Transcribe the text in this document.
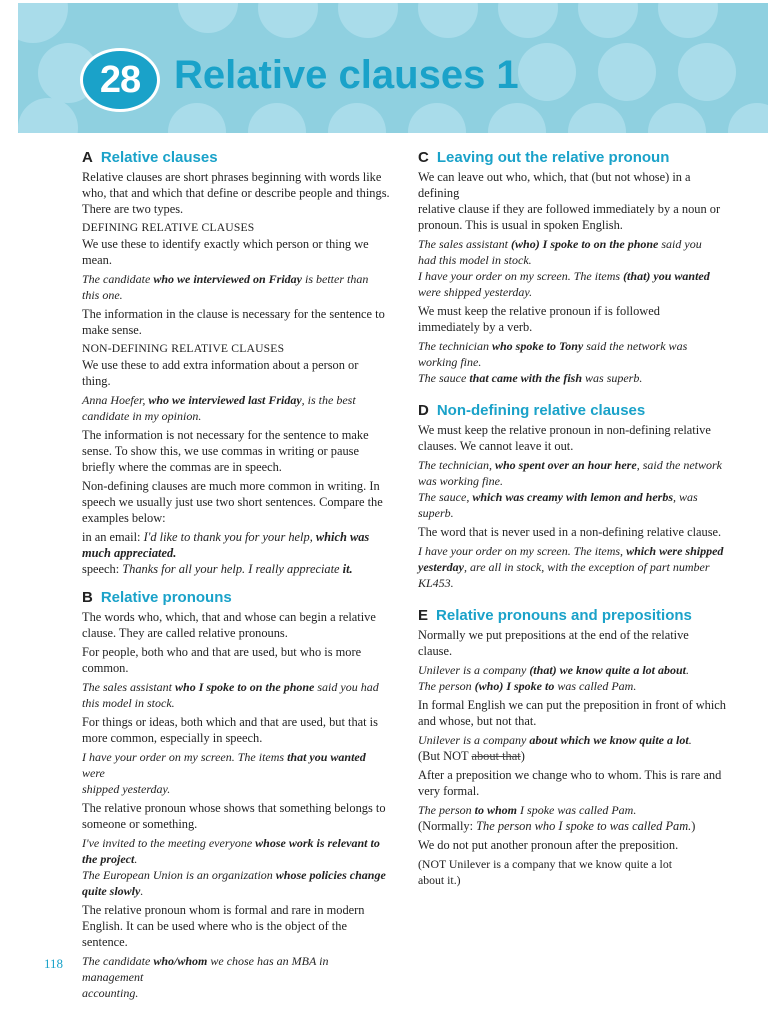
28 Relative clauses 1
A Relative clauses
Relative clauses are short phrases beginning with words like
who, that and which that define or describe people and things.
There are two types.
DEFINING RELATIVE CLAUSES
We use these to identify exactly which person or thing we
mean.
The candidate who we interviewed on Friday is better than
this one.
The information in the clause is necessary for the sentence to
make sense.
NON-DEFINING RELATIVE CLAUSES
We use these to add extra information about a person or
thing.
Anna Hoefer, who we interviewed last Friday, is the best
candidate in my opinion.
The information is not necessary for the sentence to make
sense. To show this, we use commas in writing or pause
briefly where the commas are in speech.
Non-defining clauses are much more common in writing. In
speech we usually just use two short sentences. Compare the
examples below:
in an email: I'd like to thank you for your help, which was
much appreciated.
speech: Thanks for all your help. I really appreciate it.
B Relative pronouns
The words who, which, that and whose can begin a relative
clause. They are called relative pronouns.
For people, both who and that are used, but who is more
common.
The sales assistant who I spoke to on the phone said you had
this model in stock.
For things or ideas, both which and that are used, but that is
more common, especially in speech.
I have your order on my screen. The items that you wanted were
shipped yesterday.
The relative pronoun whose shows that something belongs to
someone or something.
I've invited to the meeting everyone whose work is relevant to
the project.
The European Union is an organization whose policies change
quite slowly.
The relative pronoun whom is formal and rare in modern
English. It can be used where who is the object of the sentence.
The candidate who/whom we chose has an MBA in management
accounting.
C Leaving out the relative pronoun
We can leave out who, which, that (but not whose) in a defining
relative clause if they are followed immediately by a noun or
pronoun. This is usual in spoken English.
The sales assistant (who) I spoke to on the phone said you
had this model in stock.
I have your order on my screen. The items (that) you wanted
were shipped yesterday.
We must keep the relative pronoun if is followed
immediately by a verb.
The technician who spoke to Tony said the network was
working fine.
The sauce that came with the fish was superb.
D Non-defining relative clauses
We must keep the relative pronoun in non-defining relative
clauses. We cannot leave it out.
The technician, who spent over an hour here, said the network
was working fine.
The sauce, which was creamy with lemon and herbs, was
superb.
The word that is never used in a non-defining relative clause.
I have your order on my screen. The items, which were shipped
yesterday, are all in stock, with the exception of part number
KL453.
E Relative pronouns and prepositions
Normally we put prepositions at the end of the relative
clause.
Unilever is a company (that) we know quite a lot about.
The person (who) I spoke to was called Pam.
In formal English we can put the preposition in front of which
and whose, but not that.
Unilever is a company about which we know quite a lot.
(But NOT about that)
After a preposition we change who to whom. This is rare and
very formal.
The person to whom I spoke was called Pam.
(Normally: The person who I spoke to was called Pam.)
We do not put another pronoun after the preposition.
(NOT Unilever is a company that we know quite a lot
about it.)
118
